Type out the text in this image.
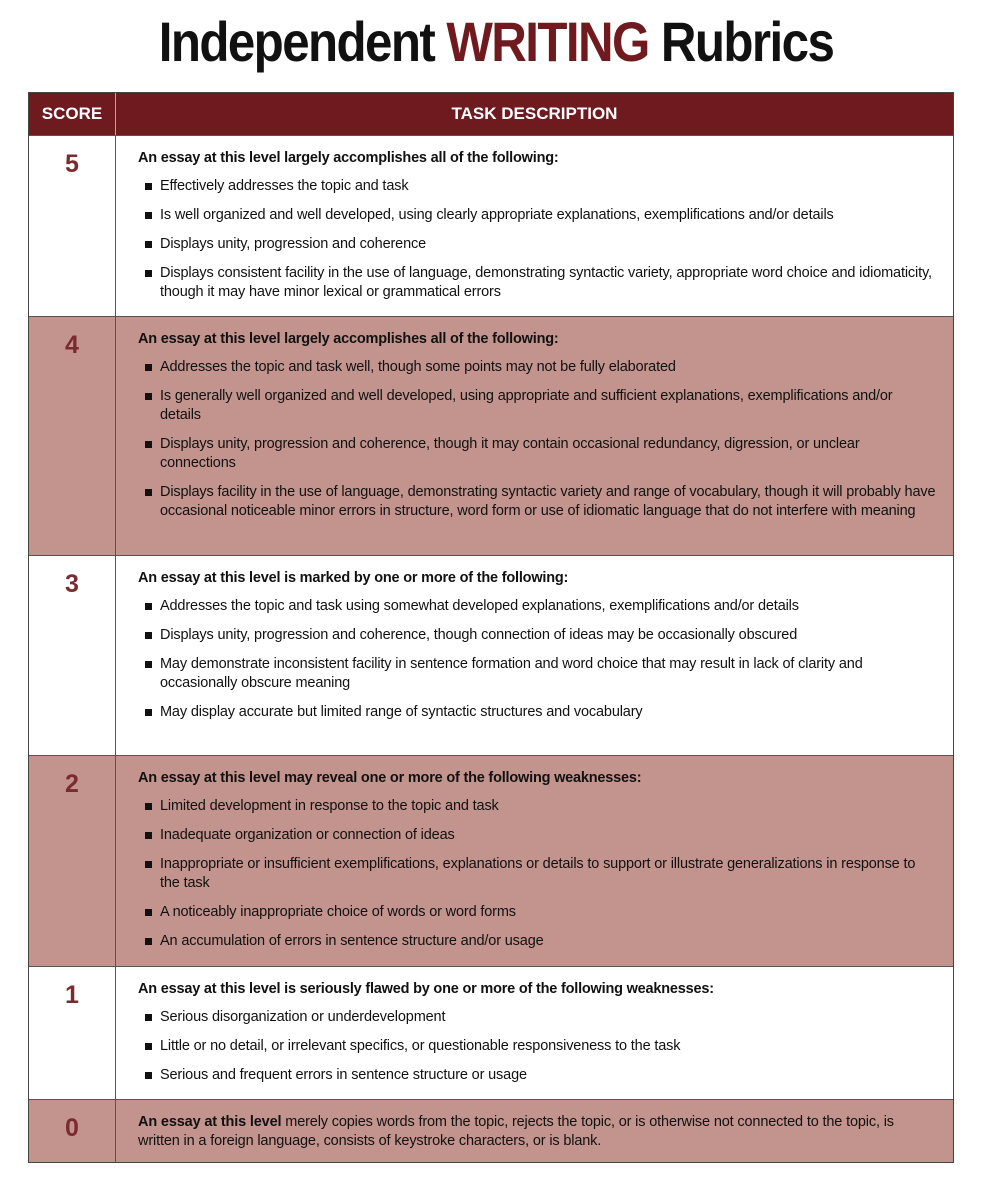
Independent WRITING Rubrics
SCORE	TASK DESCRIPTION
5	An essay at this level largely accomplishes all of the following:
Effectively addresses the topic and task
Is well organized and well developed, using clearly appropriate explanations, exemplifications and/or details
Displays unity, progression and coherence
Displays consistent facility in the use of language, demonstrating syntactic variety, appropriate word choice and idiomaticity, though it may have minor lexical or grammatical errors
4	An essay at this level largely accomplishes all of the following:
Addresses the topic and task well, though some points may not be fully elaborated
Is generally well organized and well developed, using appropriate and sufficient explanations, exemplifications and/or details
Displays unity, progression and coherence, though it may contain occasional redundancy, digression, or unclear connections
Displays facility in the use of language, demonstrating syntactic variety and range of vocabulary, though it will probably have occasional noticeable minor errors in structure, word form or use of idiomatic language that do not interfere with meaning
3	An essay at this level is marked by one or more of the following:
Addresses the topic and task using somewhat developed explanations, exemplifications and/or details
Displays unity, progression and coherence, though connection of ideas may be occasionally obscured
May demonstrate inconsistent facility in sentence formation and word choice that may result in lack of clarity and occasionally obscure meaning
May display accurate but limited range of syntactic structures and vocabulary
2	An essay at this level may reveal one or more of the following weaknesses:
Limited development in response to the topic and task
Inadequate organization or connection of ideas
Inappropriate or insufficient exemplifications, explanations or details to support or illustrate generalizations in response to the task
A noticeably inappropriate choice of words or word forms
An accumulation of errors in sentence structure and/or usage
1	An essay at this level is seriously flawed by one or more of the following weaknesses:
Serious disorganization or underdevelopment
Little or no detail, or irrelevant specifics, or questionable responsiveness to the task
Serious and frequent errors in sentence structure or usage
0	An essay at this level merely copies words from the topic, rejects the topic, or is otherwise not connected to the topic, is written in a foreign language, consists of keystroke characters, or is blank.
